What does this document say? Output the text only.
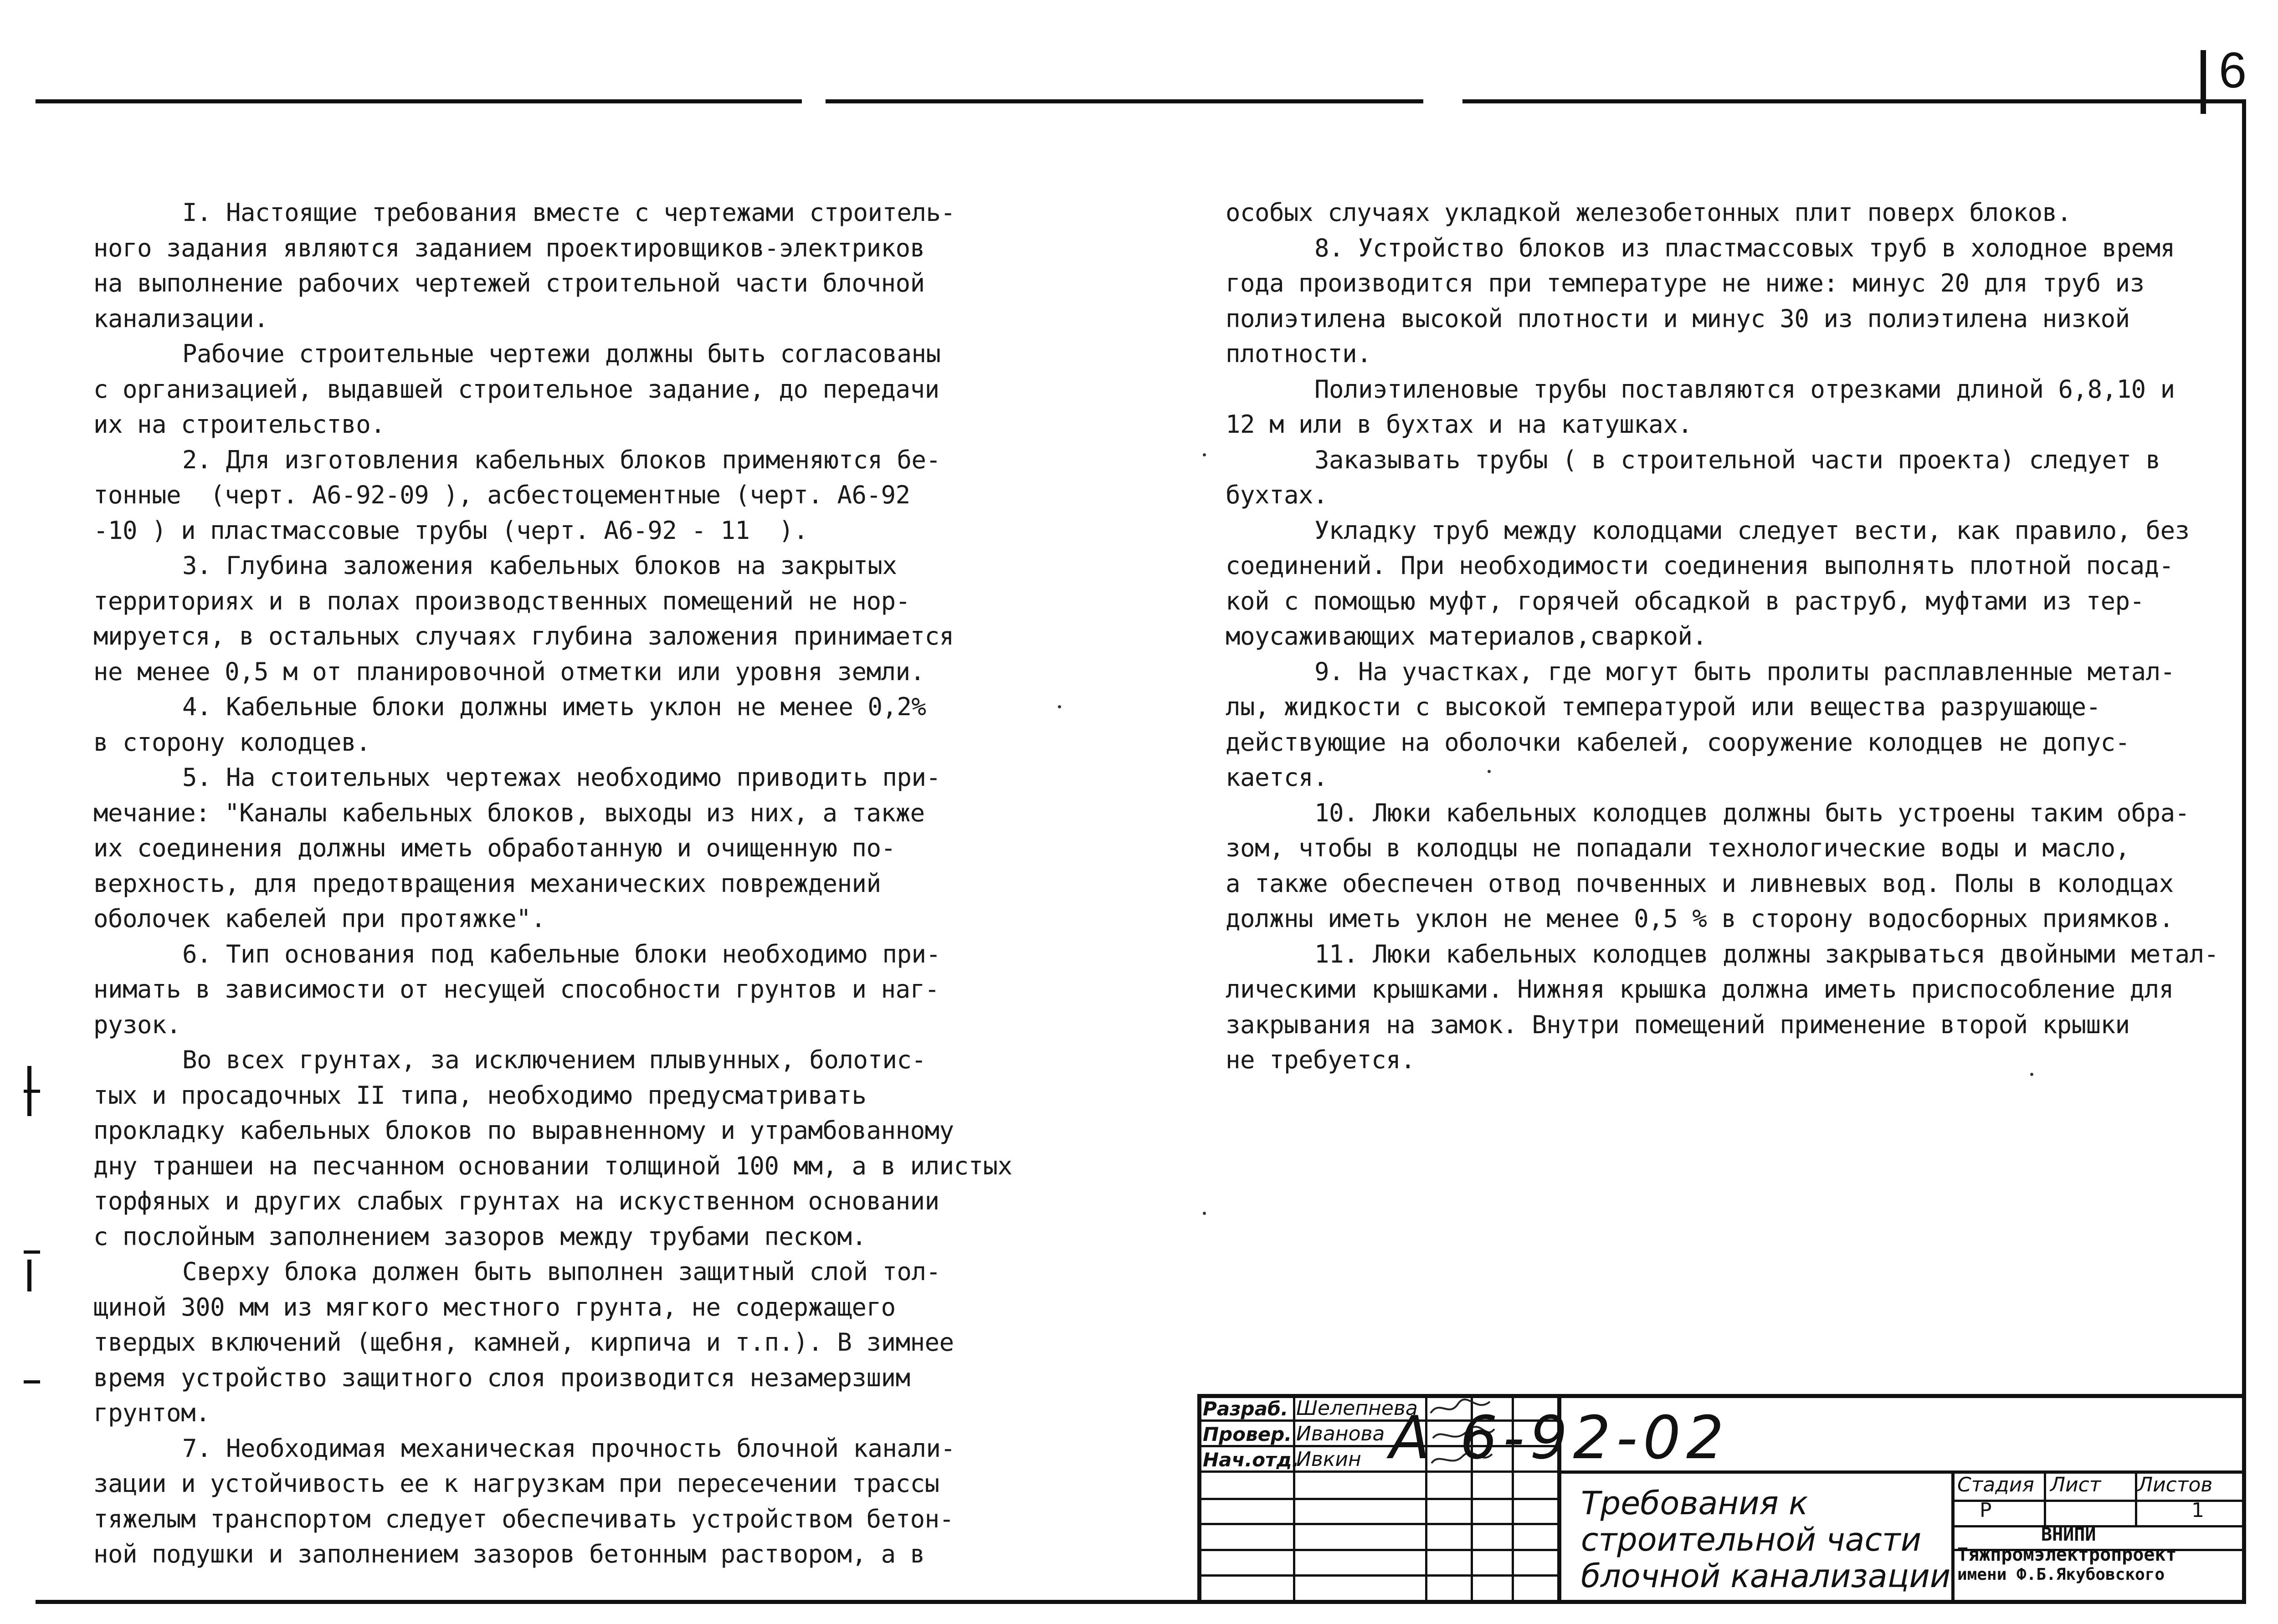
6

I. Настоящие требования вместе с чертежами строитель-

ного задания являются заданием проектировщиков-электриков

на выполнение рабочих чертежей строительной части блочной

канализации.

Рабочие строительные чертежи должны быть согласованы

с организацией, выдавшей строительное задание, до передачи

их на строительство.

2. Для изготовления кабельных блоков применяются бе-

тонные  (черт. А6-92-09 ), асбестоцементные (черт. А6-92

-10 ) и пластмассовые трубы (черт. А6-92 - 11  ).

3. Глубина заложения кабельных блоков на закрытых

территориях и в полах производственных помещений не нор-

мируется, в остальных случаях глубина заложения принимается

не менее 0,5 м от планировочной отметки или уровня земли.

4. Кабельные блоки должны иметь уклон не менее 0,2%

в сторону колодцев.

5. На стоительных чертежах необходимо приводить при-

мечание: "Каналы кабельных блоков, выходы из них, а также

их соединения должны иметь обработанную и очищенную по-

верхность, для предотвращения механических повреждений

оболочек кабелей при протяжке".

6. Тип основания под кабельные блоки необходимо при-

нимать в зависимости от несущей способности грунтов и наг-

рузок.

Во всех грунтах, за исключением плывунных, болотис-

тых и просадочных II типа, необходимо предусматривать

прокладку кабельных блоков по выравненному и утрамбованному

дну траншеи на песчанном основании толщиной 100 мм, а в илистых

торфяных и других слабых грунтах на искуственном основании

с послойным заполнением зазоров между трубами песком.

Сверху блока должен быть выполнен защитный слой тол-

щиной 300 мм из мягкого местного грунта, не содержащего

твердых включений (щебня, камней, кирпича и т.п.). В зимнее

время устройство защитного слоя производится незамерзшим

грунтом.

7. Необходимая механическая прочность блочной канали-

зации и устойчивость ее к нагрузкам при пересечении трассы

тяжелым транспортом следует обеспечивать устройством бетон-

ной подушки и заполнением зазоров бетонным раствором, а в

особых случаях укладкой железобетонных плит поверх блоков.

8. Устройство блоков из пластмассовых труб в холодное время

года производится при температуре не ниже: минус 20 для труб из

полиэтилена высокой плотности и минус 30 из полиэтилена низкой

плотности.

Полиэтиленовые трубы поставляются отрезками длиной 6,8,10 и

12 м или в бухтах и на катушках.

Заказывать трубы ( в строительной части проекта) следует в

бухтах.

Укладку труб между колодцами следует вести, как правило, без

соединений. При необходимости соединения выполнять плотной посад-

кой с помощью муфт, горячей обсадкой в раструб, муфтами из тер-

моусаживающих материалов,сваркой.

9. На участках, где могут быть пролиты расплавленные метал-

лы, жидкости с высокой температурой или вещества разрушающе-

действующие на оболочки кабелей, сооружение колодцев не допус-

кается.

10. Люки кабельных колодцев должны быть устроены таким обра-

зом, чтобы в колодцы не попадали технологические воды и масло,

а также обеспечен отвод почвенных и ливневых вод. Полы в колодцах

должны иметь уклон не менее 0,5 % в сторону водосборных приямков.

11. Люки кабельных колодцев должны закрываться двойными метал-

лическими крышками. Нижняя крышка должна иметь приспособление для

закрывания на замок. Внутри помещений применение второй крышки

не требуется.

Разраб. Шелепнева
Провер. Иванова
Нач.отд.
Ивкин А 6-92-02
Требования к
строительной части
блочной канализации
Стадия Лист Листов
Р	1
ВНИПИ
Тяжпромэлектропроект
имени Ф.Б.Якубовского
